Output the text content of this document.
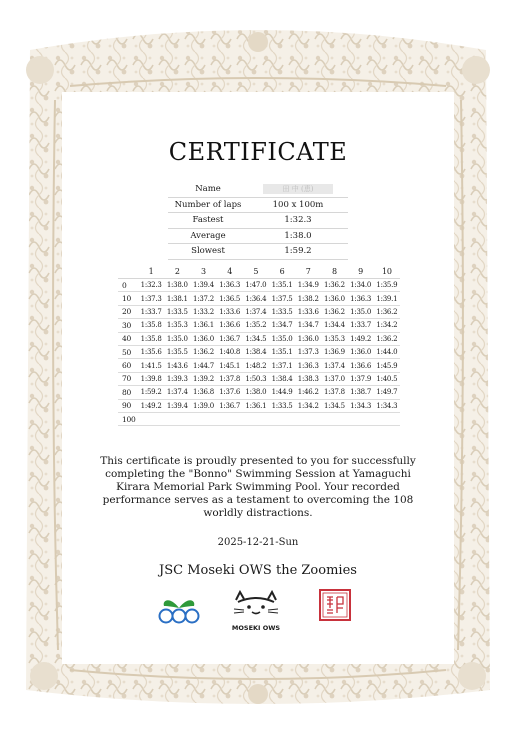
CERTIFICATE
Name	田 中 (恵)
Number of laps	100 x 100m
Fastest	1:32.3
Average	1:38.0
Slowest	1:59.2
	1	2	3	4	5	6	7	8	9	10
0	1:32.3	1:38.0	1:39.4	1:36.3	1:47.0	1:35.1	1:34.9	1:36.2	1:34.0	1:35.9
10	1:37.3	1:38.1	1:37.2	1:36.5	1:36.4	1:37.5	1:38.2	1:36.0	1:36.3	1:39.1
20	1:33.7	1:33.5	1:33.2	1:33.6	1:37.4	1:33.5	1:33.6	1:36.2	1:35.0	1:36.2
30	1:35.8	1:35.3	1:36.1	1:36.6	1:35.2	1:34.7	1:34.7	1:34.4	1:33.7	1:34.2
40	1:35.8	1:35.0	1:36.0	1:36.7	1:34.5	1:35.0	1:36.0	1:35.3	1:49.2	1:36.2
50	1:35.6	1:35.5	1:36.2	1:40.8	1:38.4	1:35.1	1:37.3	1:36.9	1:36.0	1:44.0
60	1:41.5	1:43.6	1:44.7	1:45.1	1:48.2	1:37.1	1:36.3	1:37.4	1:36.6	1:45.9
70	1:39.8	1:39.3	1:39.2	1:37.8	1:50.3	1:38.4	1:38.3	1:37.0	1:37.9	1:40.5
80	1:59.2	1:37.4	1:36.8	1:37.6	1:38.0	1:44.9	1:46.2	1:37.8	1:38.7	1:49.7
90	1:49.2	1:39.4	1:39.0	1:36.7	1:36.1	1:33.5	1:34.2	1:34.5	1:34.3	1:34.3
100										
This certificate is proudly presented to you for successfully completing the "Bonno" Swimming Session at Yamaguchi Kirara Memorial Park Swimming Pool. Your recorded performance serves as a testament to overcoming the 108 worldly distractions.
2025-12-21-Sun
JSC Moseki OWS the Zoomies
MOSEKI OWS
